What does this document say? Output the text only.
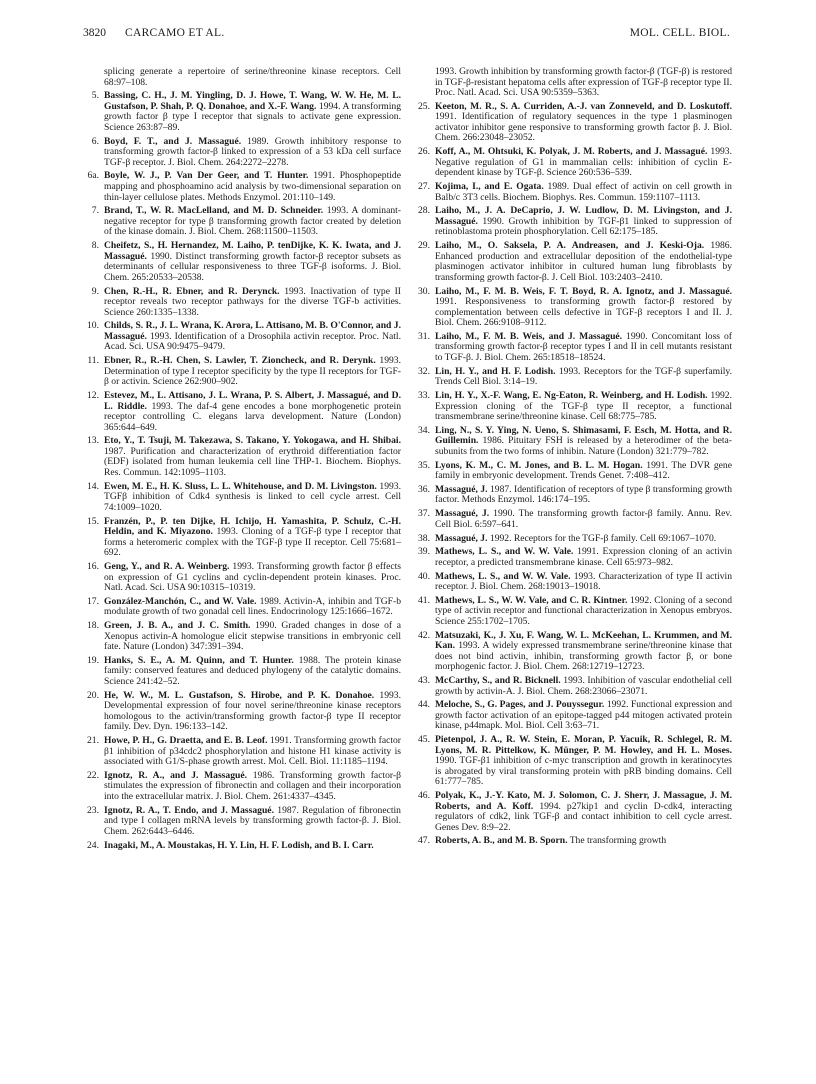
3820 CARCAMO ET AL.	MOL. CELL. BIOL.
splicing generate a repertoire of serine/threonine kinase receptors. Cell 68:97–108.
5. Bassing, C. H., J. M. Yingling, D. J. Howe, T. Wang, W. W. He, M. L. Gustafson, P. Shah, P. Q. Donahoe, and X.-F. Wang. 1994. A transforming growth factor β type I receptor that signals to activate gene expression. Science 263:87–89.
6. Boyd, F. T., and J. Massagué. 1989. Growth inhibitory response to transforming growth factor-β linked to expression of a 53 kDa cell surface TGF-β receptor. J. Biol. Chem. 264:2272–2278.
6a. Boyle, W. J., P. Van Der Geer, and T. Hunter. 1991. Phosphopeptide mapping and phosphoamino acid analysis by two-dimensional separation on thin-layer cellulose plates. Methods Enzymol. 201:110–149.
7. Brand, T., W. R. MacLelland, and M. D. Schneider. 1993. A dominant-negative receptor for type β transforming growth factor created by deletion of the kinase domain. J. Biol. Chem. 268:11500–11503.
8. Cheifetz, S., H. Hernandez, M. Laiho, P. tenDijke, K. K. Iwata, and J. Massagué. 1990. Distinct transforming growth factor-β receptor subsets as determinants of cellular responsiveness to three TGF-β isoforms. J. Biol. Chem. 265:20533–20538.
9. Chen, R.-H., R. Ebner, and R. Derynck. 1993. Inactivation of type II receptor reveals two receptor pathways for the diverse TGF-b activities. Science 260:1335–1338.
10. Childs, S. R., J. L. Wrana, K. Arora, L. Attisano, M. B. O'Connor, and J. Massagué. 1993. Identification of a Drosophila activin receptor. Proc. Natl. Acad. Sci. USA 90:9475–9479.
11. Ebner, R., R.-H. Chen, S. Lawler, T. Zioncheck, and R. Derynk. 1993. Determination of type I receptor specificity by the type II receptors for TGF-β or activin. Science 262:900–902.
12. Estevez, M., L. Attisano, J. L. Wrana, P. S. Albert, J. Massagué, and D. L. Riddle. 1993. The daf-4 gene encodes a bone morphogenetic protein receptor controlling C. elegans larva development. Nature (London) 365:644–649.
13. Eto, Y., T. Tsuji, M. Takezawa, S. Takano, Y. Yokogawa, and H. Shibai. 1987. Purification and characterization of erythroid differentiation factor (EDF) isolated from human leukemia cell line THP-1. Biochem. Biophys. Res. Commun. 142:1095–1103.
14. Ewen, M. E., H. K. Sluss, L. L. Whitehouse, and D. M. Livingston. 1993. TGFβ inhibition of Cdk4 synthesis is linked to cell cycle arrest. Cell 74:1009–1020.
15. Franzén, P., P. ten Dijke, H. Ichijo, H. Yamashita, P. Schulz, C.-H. Heldin, and K. Miyazono. 1993. Cloning of a TGF-β type I receptor that forms a heteromeric complex with the TGF-β type II receptor. Cell 75:681–692.
16. Geng, Y., and R. A. Weinberg. 1993. Transforming growth factor β effects on expression of G1 cyclins and cyclin-dependent protein kinases. Proc. Natl. Acad. Sci. USA 90:10315–10319.
17. González-Manchón, C., and W. Vale. 1989. Activin-A, inhibin and TGF-b modulate growth of two gonadal cell lines. Endocrinology 125:1666–1672.
18. Green, J. B. A., and J. C. Smith. 1990. Graded changes in dose of a Xenopus activin-A homologue elicit stepwise transitions in embryonic cell fate. Nature (London) 347:391–394.
19. Hanks, S. E., A. M. Quinn, and T. Hunter. 1988. The protein kinase family: conserved features and deduced phylogeny of the catalytic domains. Science 241:42–52.
20. He, W. W., M. L. Gustafson, S. Hirobe, and P. K. Donahoe. 1993. Developmental expression of four novel serine/threonine kinase receptors homologous to the activin/transforming growth factor-β type II receptor family. Dev. Dyn. 196:133–142.
21. Howe, P. H., G. Draetta, and E. B. Leof. 1991. Transforming growth factor β1 inhibition of p34cdc2 phosphorylation and histone H1 kinase activity is associated with G1/S-phase growth arrest. Mol. Cell. Biol. 11:1185–1194.
22. Ignotz, R. A., and J. Massagué. 1986. Transforming growth factor-β stimulates the expression of fibronectin and collagen and their incorporation into the extracellular matrix. J. Biol. Chem. 261:4337–4345.
23. Ignotz, R. A., T. Endo, and J. Massagué. 1987. Regulation of fibronectin and type I collagen mRNA levels by transforming growth factor-β. J. Biol. Chem. 262:6443–6446.
24. Inagaki, M., A. Moustakas, H. Y. Lin, H. F. Lodish, and B. I. Carr.
1993. Growth inhibition by transforming growth factor-β (TGF-β) is restored in TGF-β-resistant hepatoma cells after expression of TGF-β receptor type II. Proc. Natl. Acad. Sci. USA 90:5359–5363.
25. Keeton, M. R., S. A. Curriden, A.-J. van Zonneveld, and D. Loskutoff. 1991. Identification of regulatory sequences in the type 1 plasminogen activator inhibitor gene responsive to transforming growth factor β. J. Biol. Chem. 266:23048–23052.
26. Koff, A., M. Ohtsuki, K. Polyak, J. M. Roberts, and J. Massagué. 1993. Negative regulation of G1 in mammalian cells: inhibition of cyclin E-dependent kinase by TGF-β. Science 260:536–539.
27. Kojima, I., and E. Ogata. 1989. Dual effect of activin on cell growth in Balb/c 3T3 cells. Biochem. Biophys. Res. Commun. 159:1107–1113.
28. Laiho, M., J. A. DeCaprio, J. W. Ludlow, D. M. Livingston, and J. Massagué. 1990. Growth inhibition by TGF-β1 linked to suppression of retinoblastoma protein phosphorylation. Cell 62:175–185.
29. Laiho, M., O. Saksela, P. A. Andreasen, and J. Keski-Oja. 1986. Enhanced production and extracellular deposition of the endothelial-type plasminogen activator inhibitor in cultured human lung fibroblasts by transforming growth factor-β. J. Cell Biol. 103:2403–2410.
30. Laiho, M., F. M. B. Weis, F. T. Boyd, R. A. Ignotz, and J. Massagué. 1991. Responsiveness to transforming growth factor-β restored by complementation between cells defective in TGF-β receptors I and II. J. Biol. Chem. 266:9108–9112.
31. Laiho, M., F. M. B. Weis, and J. Massagué. 1990. Concomitant loss of transforming growth factor-β receptor types I and II in cell mutants resistant to TGF-β. J. Biol. Chem. 265:18518–18524.
32. Lin, H. Y., and H. F. Lodish. 1993. Receptors for the TGF-β superfamily. Trends Cell Biol. 3:14–19.
33. Lin, H. Y., X.-F. Wang, E. Ng-Eaton, R. Weinberg, and H. Lodish. 1992. Expression cloning of the TGF-β type II receptor, a functional transmembrane serine/threonine kinase. Cell 68:775–785.
34. Ling, N., S. Y. Ying, N. Ueno, S. Shimasami, F. Esch, M. Hotta, and R. Guillemin. 1986. Pituitary FSH is released by a heterodimer of the beta-subunits from the two forms of inhibin. Nature (London) 321:779–782.
35. Lyons, K. M., C. M. Jones, and B. L. M. Hogan. 1991. The DVR gene family in embryonic development. Trends Genet. 7:408–412.
36. Massagué, J. 1987. Identification of receptors of type β transforming growth factor. Methods Enzymol. 146:174–195.
37. Massagué, J. 1990. The transforming growth factor-β family. Annu. Rev. Cell Biol. 6:597–641.
38. Massagué, J. 1992. Receptors for the TGF-β family. Cell 69:1067–1070.
39. Mathews, L. S., and W. W. Vale. 1991. Expression cloning of an activin receptor, a predicted transmembrane kinase. Cell 65:973–982.
40. Mathews, L. S., and W. W. Vale. 1993. Characterization of type II activin receptor. J. Biol. Chem. 268:19013–19018.
41. Mathews, L. S., W. W. Vale, and C. R. Kintner. 1992. Cloning of a second type of activin receptor and functional characterization in Xenopus embryos. Science 255:1702–1705.
42. Matsuzaki, K., J. Xu, F. Wang, W. L. McKeehan, L. Krummen, and M. Kan. 1993. A widely expressed transmembrane serine/threonine kinase that does not bind activin, inhibin, transforming growth factor β, or bone morphogenic factor. J. Biol. Chem. 268:12719–12723.
43. McCarthy, S., and R. Bicknell. 1993. Inhibition of vascular endothelial cell growth by activin-A. J. Biol. Chem. 268:23066–23071.
44. Meloche, S., G. Pages, and J. Pouyssegur. 1992. Functional expression and growth factor activation of an epitope-tagged p44 mitogen activated protein kinase, p44mapk. Mol. Biol. Cell 3:63–71.
45. Pietenpol, J. A., R. W. Stein, E. Moran, P. Yacuik, R. Schlegel, R. M. Lyons, M. R. Pittelkow, K. Münger, P. M. Howley, and H. L. Moses. 1990. TGF-β1 inhibition of c-myc transcription and growth in keratinocytes is abrogated by viral transforming protein with pRB binding domains. Cell 61:777–785.
46. Polyak, K., J.-Y. Kato, M. J. Solomon, C. J. Sherr, J. Massague, J. M. Roberts, and A. Koff. 1994. p27kip1 and cyclin D-cdk4, interacting regulators of cdk2, link TGF-β and contact inhibition to cell cycle arrest. Genes Dev. 8:9–22.
47. Roberts, A. B., and M. B. Sporn. The transforming growth
